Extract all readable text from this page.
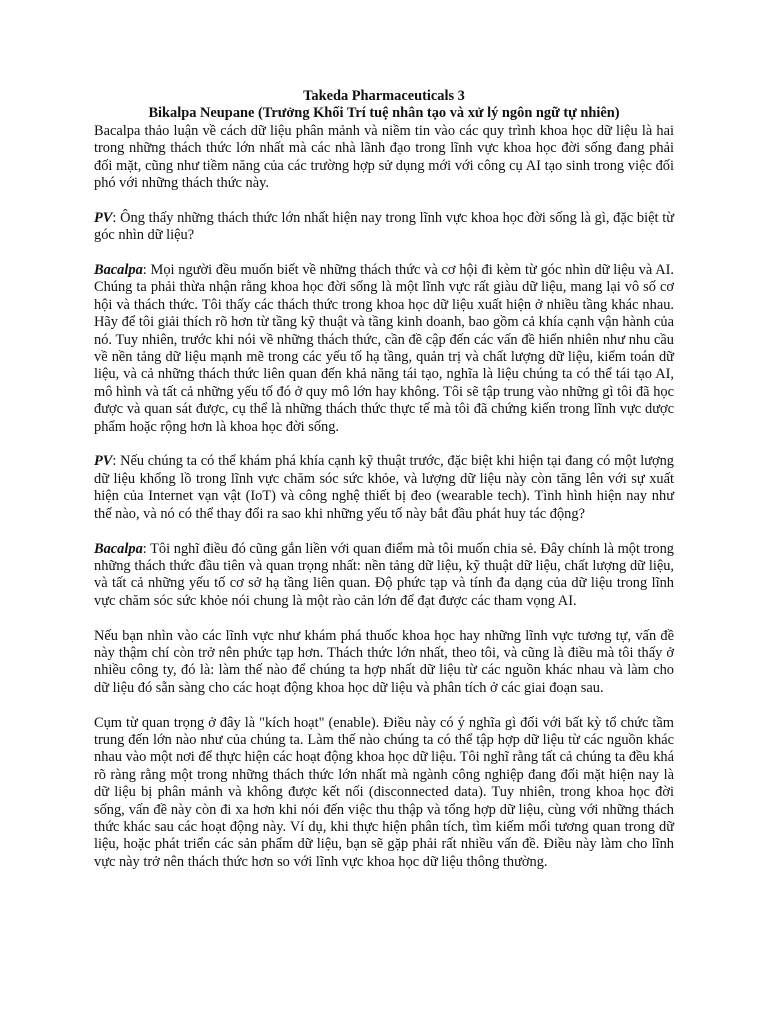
Takeda Pharmaceuticals 3

Bikalpa Neupane (Trưởng Khối Trí tuệ nhân tạo và xử lý ngôn ngữ tự nhiên)

Bacalpa thảo luận về cách dữ liệu phân mảnh và niềm tin vào các quy trình khoa học dữ liệu là hai trong những thách thức lớn nhất mà các nhà lãnh đạo trong lĩnh vực khoa học đời sống đang phải đối mặt, cũng như tiềm năng của các trường hợp sử dụng mới với công cụ AI tạo sinh trong việc đối phó với những thách thức này.

PV: Ông thấy những thách thức lớn nhất hiện nay trong lĩnh vực khoa học đời sống là gì, đặc biệt từ góc nhìn dữ liệu?

Bacalpa: Mọi người đều muốn biết về những thách thức và cơ hội đi kèm từ góc nhìn dữ liệu và AI. Chúng ta phải thừa nhận rằng khoa học đời sống là một lĩnh vực rất giàu dữ liệu, mang lại vô số cơ hội và thách thức. Tôi thấy các thách thức trong khoa học dữ liệu xuất hiện ở nhiều tầng khác nhau. Hãy để tôi giải thích rõ hơn từ tầng kỹ thuật và tầng kinh doanh, bao gồm cả khía cạnh vận hành của nó. Tuy nhiên, trước khi nói về những thách thức, cần đề cập đến các vấn đề hiển nhiên như nhu cầu về nền tảng dữ liệu mạnh mẽ trong các yếu tố hạ tầng, quản trị và chất lượng dữ liệu, kiểm toán dữ liệu, và cả những thách thức liên quan đến khả năng tái tạo, nghĩa là liệu chúng ta có thể tái tạo AI, mô hình và tất cả những yếu tố đó ở quy mô lớn hay không. Tôi sẽ tập trung vào những gì tôi đã học được và quan sát được, cụ thể là những thách thức thực tế mà tôi đã chứng kiến trong lĩnh vực dược phẩm hoặc rộng hơn là khoa học đời sống.

PV: Nếu chúng ta có thể khám phá khía cạnh kỹ thuật trước, đặc biệt khi hiện tại đang có một lượng dữ liệu khổng lồ trong lĩnh vực chăm sóc sức khỏe, và lượng dữ liệu này còn tăng lên với sự xuất hiện của Internet vạn vật (IoT) và công nghệ thiết bị đeo (wearable tech). Tình hình hiện nay như thế nào, và nó có thể thay đổi ra sao khi những yếu tố này bắt đầu phát huy tác động?

Bacalpa: Tôi nghĩ điều đó cũng gắn liền với quan điểm mà tôi muốn chia sẻ. Đây chính là một trong những thách thức đầu tiên và quan trọng nhất: nền tảng dữ liệu, kỹ thuật dữ liệu, chất lượng dữ liệu, và tất cả những yếu tố cơ sở hạ tầng liên quan. Độ phức tạp và tính đa dạng của dữ liệu trong lĩnh vực chăm sóc sức khỏe nói chung là một rào cản lớn để đạt được các tham vọng AI.

Nếu bạn nhìn vào các lĩnh vực như khám phá thuốc khoa học hay những lĩnh vực tương tự, vấn đề này thậm chí còn trở nên phức tạp hơn. Thách thức lớn nhất, theo tôi, và cũng là điều mà tôi thấy ở nhiều công ty, đó là: làm thế nào để chúng ta hợp nhất dữ liệu từ các nguồn khác nhau và làm cho dữ liệu đó sẵn sàng cho các hoạt động khoa học dữ liệu và phân tích ở các giai đoạn sau.

Cụm từ quan trọng ở đây là "kích hoạt" (enable). Điều này có ý nghĩa gì đối với bất kỳ tổ chức tầm trung đến lớn nào như của chúng ta. Làm thế nào chúng ta có thể tập hợp dữ liệu từ các nguồn khác nhau vào một nơi để thực hiện các hoạt động khoa học dữ liệu. Tôi nghĩ rằng tất cả chúng ta đều khá rõ ràng rằng một trong những thách thức lớn nhất mà ngành công nghiệp đang đối mặt hiện nay là dữ liệu bị phân mảnh và không được kết nối (disconnected data). Tuy nhiên, trong khoa học đời sống, vấn đề này còn đi xa hơn khi nói đến việc thu thập và tổng hợp dữ liệu, cùng với những thách thức khác sau các hoạt động này. Ví dụ, khi thực hiện phân tích, tìm kiếm mối tương quan trong dữ liệu, hoặc phát triển các sản phẩm dữ liệu, bạn sẽ gặp phải rất nhiều vấn đề. Điều này làm cho lĩnh vực này trở nên thách thức hơn so với lĩnh vực khoa học dữ liệu thông thường.
